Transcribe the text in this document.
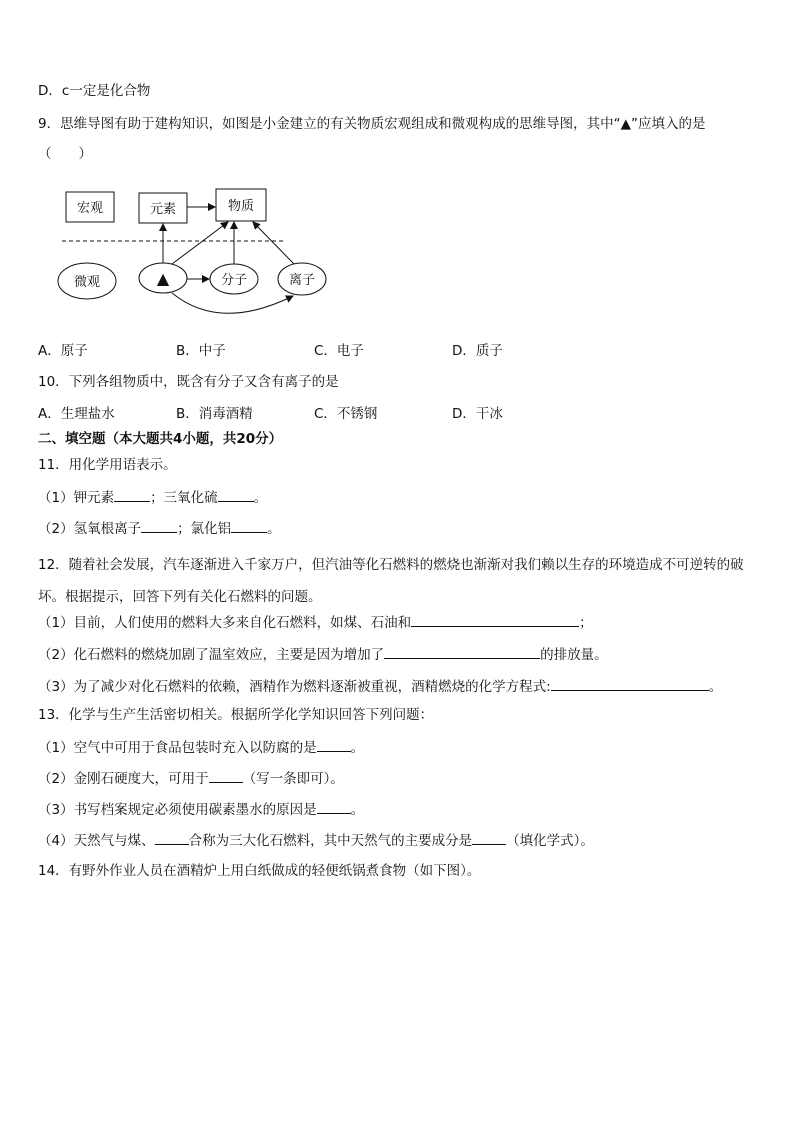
D．c一定是化合物
9．思维导图有助于建构知识，如图是小金建立的有关物质宏观组成和微观构成的思维导图，其中“▲”应填入的是
（　　）
宏观	元素	物质
微观	▲	分子	离子
A．原子	B．中子	C．电子	D．质子
10．下列各组物质中，既含有分子又含有离子的是
A．生理盐水	B．消毒酒精	C．不锈钢	D．干冰
二、填空题（本大题共4小题，共20分）
11．用化学用语表示。
（1）钾元素	；三氧化硫	。
（2）氢氧根离子	；氯化铝	。
12．随着社会发展，汽车逐渐进入千家万户，但汽油等化石燃料的燃烧也渐渐对我们赖以生存的环境造成不可逆转的破坏。根据提示，回答下列有关化石燃料的问题。
（1）目前，人们使用的燃料大多来自化石燃料，如煤、石油和	；
（2）化石燃料的燃烧加剧了温室效应，主要是因为增加了	的排放量。
（3）为了减少对化石燃料的依赖，酒精作为燃料逐渐被重视，酒精燃烧的化学方程式:	。
13．化学与生产生活密切相关。根据所学化学知识回答下列问题：
（1）空气中可用于食品包装时充入以防腐的是	。
（2）金刚石硬度大，可用于	（写一条即可）。
（3）书写档案规定必须使用碳素墨水的原因是	。
（4）天然气与煤、	合称为三大化石燃料，其中天然气的主要成分是	（填化学式）。
14．有野外作业人员在酒精炉上用白纸做成的轻便纸锅煮食物（如下图）。
